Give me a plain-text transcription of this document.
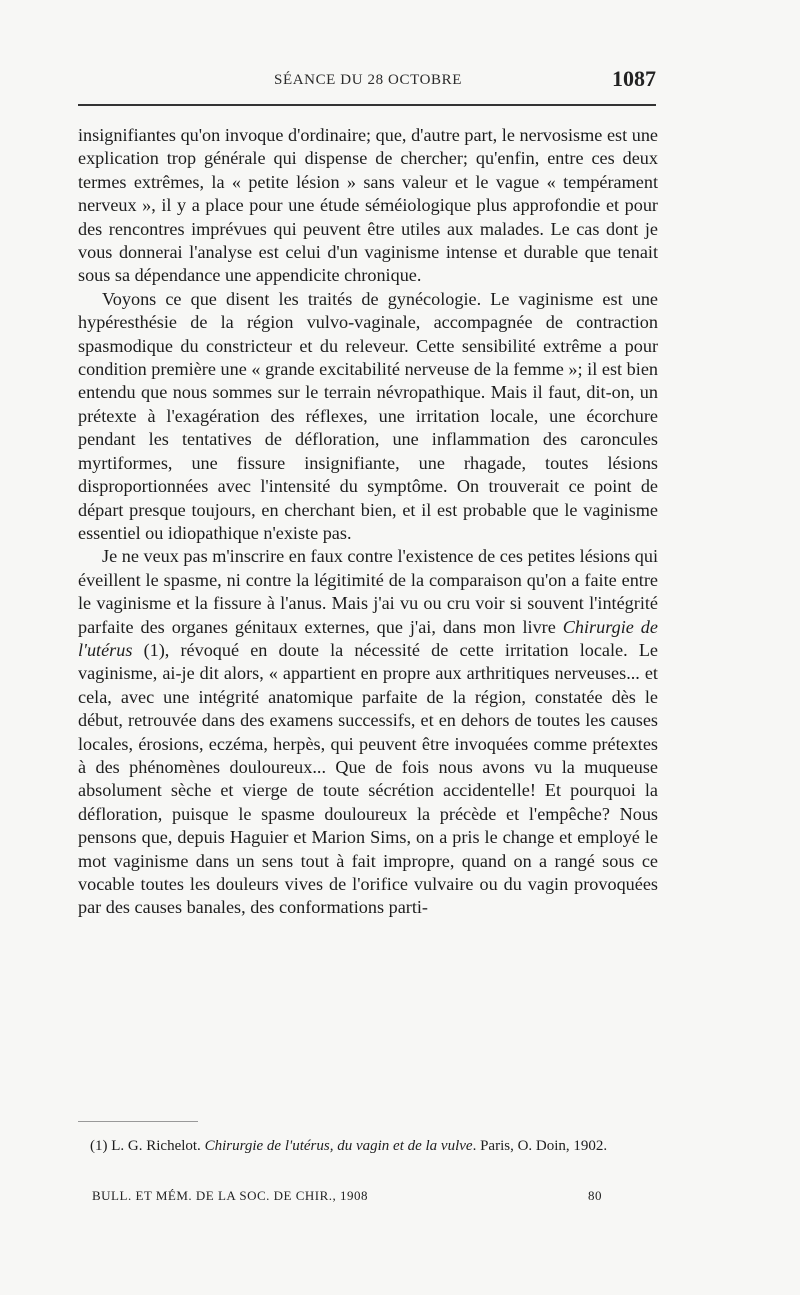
SÉANCE DU 28 OCTOBRE	1087

insignifiantes qu'on invoque d'ordinaire; que, d'autre part, le nervosisme est une explication trop générale qui dispense de chercher; qu'enfin, entre ces deux termes extrêmes, la « petite lésion » sans valeur et le vague « tempérament nerveux », il y a place pour une étude séméiologique plus approfondie et pour des rencontres imprévues qui peuvent être utiles aux malades. Le cas dont je vous donnerai l'analyse est celui d'un vaginisme intense et durable que tenait sous sa dépendance une appendicite chronique.

Voyons ce que disent les traités de gynécologie. Le vaginisme est une hypéresthésie de la région vulvo-vaginale, accompagnée de contraction spasmodique du constricteur et du releveur. Cette sensibilité extrême a pour condition première une « grande excitabilité nerveuse de la femme »; il est bien entendu que nous sommes sur le terrain névropathique. Mais il faut, dit-on, un prétexte à l'exagération des réflexes, une irritation locale, une écorchure pendant les tentatives de défloration, une inflammation des caroncules myrtiformes, une fissure insignifiante, une rhagade, toutes lésions disproportionnées avec l'intensité du symptôme. On trouverait ce point de départ presque toujours, en cherchant bien, et il est probable que le vaginisme essentiel ou idiopathique n'existe pas.

Je ne veux pas m'inscrire en faux contre l'existence de ces petites lésions qui éveillent le spasme, ni contre la légitimité de la comparaison qu'on a faite entre le vaginisme et la fissure à l'anus. Mais j'ai vu ou cru voir si souvent l'intégrité parfaite des organes génitaux externes, que j'ai, dans mon livre Chirurgie de l'utérus (1), révoqué en doute la nécessité de cette irritation locale. Le vaginisme, ai-je dit alors, « appartient en propre aux arthritiques nerveuses... et cela, avec une intégrité anatomique parfaite de la région, constatée dès le début, retrouvée dans des examens successifs, et en dehors de toutes les causes locales, érosions, eczéma, herpès, qui peuvent être invoquées comme prétextes à des phénomènes douloureux... Que de fois nous avons vu la muqueuse absolument sèche et vierge de toute sécrétion accidentelle! Et pourquoi la défloration, puisque le spasme douloureux la précède et l'empêche? Nous pensons que, depuis Haguier et Marion Sims, on a pris le change et employé le mot vaginisme dans un sens tout à fait impropre, quand on a rangé sous ce vocable toutes les douleurs vives de l'orifice vulvaire ou du vagin provoquées par des causes banales, des conformations parti-

(1) L. G. Richelot. Chirurgie de l'utérus, du vagin et de la vulve. Paris, O. Doin, 1902.

BULL. ET MÉM. DE LA SOC. DE CHIR., 1908	80
